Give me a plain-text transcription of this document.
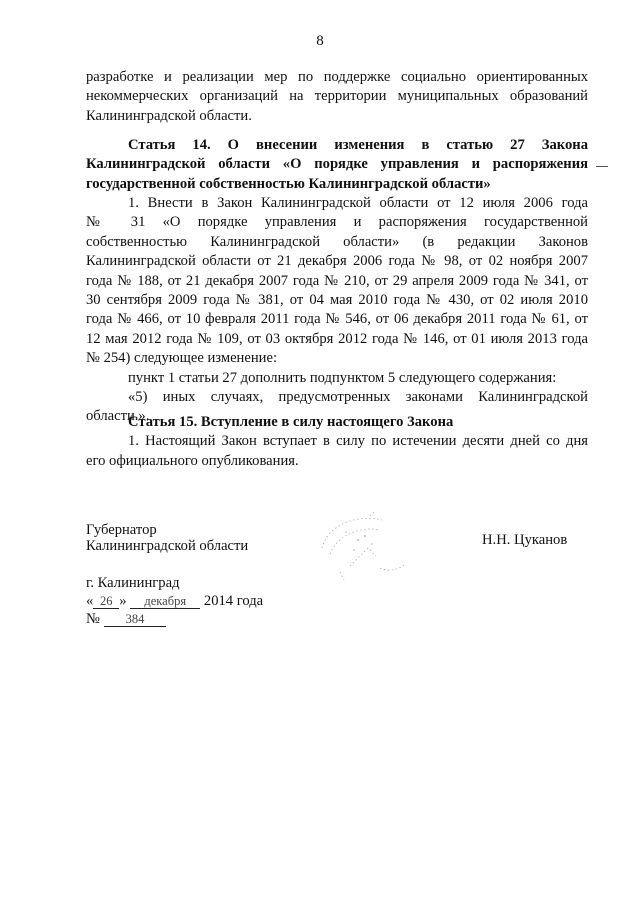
8

разработке и реализации мер по поддержке социально ориентированных

некоммерческих организаций на территории муниципальных образований

Калининградской области.

Статья 14. О внесении изменения в статью 27 Закона

Калининградской области «О порядке управления и распоряжения

государственной собственностью Калининградской области»

1. Внести в Закон Калининградской области от 12 июля 2006 года

№ 31 «О порядке управления и распоряжения государственной

собственностью Калининградской области» (в редакции Законов

Калининградской области от 21 декабря 2006 года № 98, от 02 ноября 2007

года № 188, от 21 декабря 2007 года № 210, от 29 апреля 2009 года № 341, от

30 сентября 2009 года № 381, от 04 мая 2010 года № 430, от 02 июля 2010

года № 466, от 10 февраля 2011 года № 546, от 06 декабря 2011 года № 61, от

12 мая 2012 года № 109, от 03 октября 2012 года № 146, от 01 июля 2013 года

№ 254) следующее изменение:

пункт 1 статьи 27 дополнить подпунктом 5 следующего содержания:

«5) иных случаях, предусмотренных законами Калининградской

области.».

Статья 15. Вступление в силу настоящего Закона

1. Настоящий Закон вступает в силу по истечении десяти дней со дня

его официального опубликования.

Губернатор
Калининградской области	Н.Н. Цуканов
г. Калининград
« 26 » декабря 2014 года
№ 384
